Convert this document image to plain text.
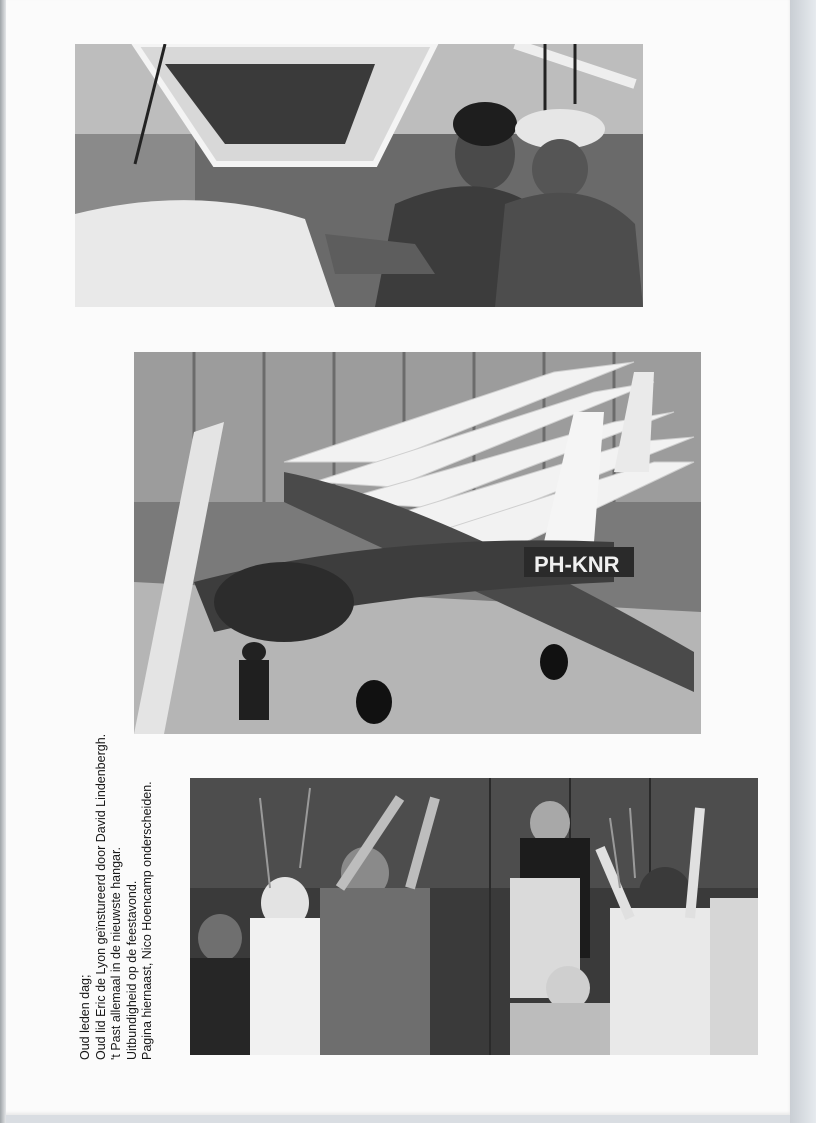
PH-KNR
Oud leden dag; Oud lid Eric de Lyon geïnstureerd door David Lindenbergh. 't Past allemaal in de nieuwste hangar. Uitbundigheid op de feestavond. Pagina hiernaast, Nico Hoencamp onderscheiden.
